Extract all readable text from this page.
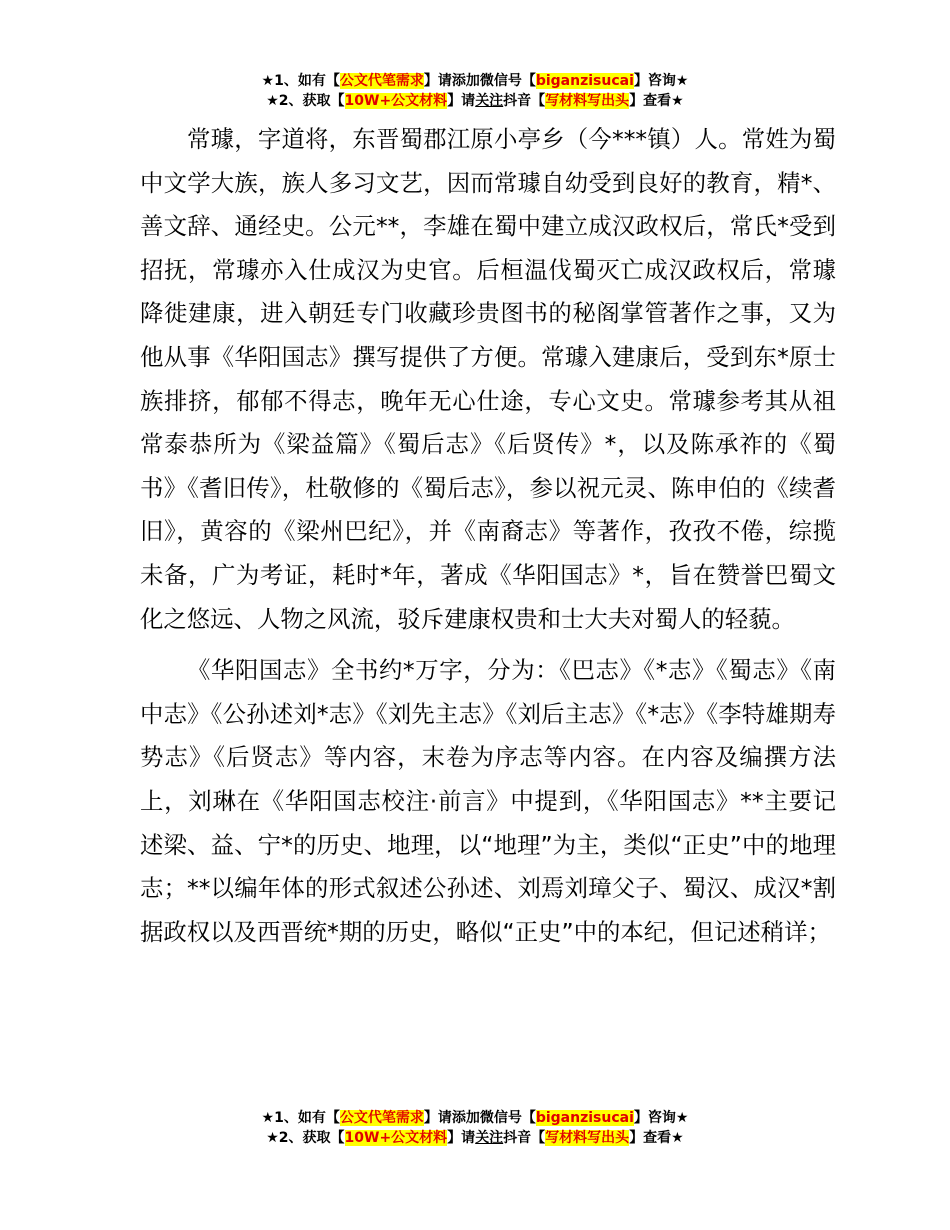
★1、如有【公文代笔需求】请添加微信号【biganzisucai】咨询★
★2、获取【10W+公文材料】请关注抖音【写材料写出头】查看★

常璩，字道将，东晋蜀郡江原小亭乡（今***镇）人。常姓为蜀中文学大族，族人多习文艺，因而常璩自幼受到良好的教育，精*、善文辞、通经史。公元**，李雄在蜀中建立成汉政权后，常氏*受到招抚，常璩亦入仕成汉为史官。后桓温伐蜀灭亡成汉政权后，常璩降徙建康，进入朝廷专门收藏珍贵图书的秘阁掌管著作之事，又为他从事《华阳国志》撰写提供了方便。常璩入建康后，受到东*原士族排挤，郁郁不得志，晚年无心仕途，专心文史。常璩参考其从祖常泰恭所为《梁益篇》《蜀后志》《后贤传》*，以及陈承祚的《蜀书》《耆旧传》，杜敬修的《蜀后志》，参以祝元灵、陈申伯的《续耆旧》，黄容的《梁州巴纪》，并《南裔志》等著作，孜孜不倦，综揽未备，广为考证，耗时*年，著成《华阳国志》*，旨在赞誉巴蜀文化之悠远、人物之风流，驳斥建康权贵和士大夫对蜀人的轻藐。

《华阳国志》全书约*万字，分为：《巴志》《*志》《蜀志》《南中志》《公孙述刘*志》《刘先主志》《刘后主志》《*志》《李特雄期寿势志》《后贤志》等内容，末卷为序志等内容。在内容及编撰方法上，刘琳在《华阳国志校注·前言》中提到，《华阳国志》**主要记述梁、益、宁*的历史、地理，以“地理”为主，类似“正史”中的地理志；**以编年体的形式叙述公孙述、刘焉刘璋父子、蜀汉、成汉*割据政权以及西晋统*期的历史，略似“正史”中的本纪，但记述稍详；

★1、如有【公文代笔需求】请添加微信号【biganzisucai】咨询★
★2、获取【10W+公文材料】请关注抖音【写材料写出头】查看★
